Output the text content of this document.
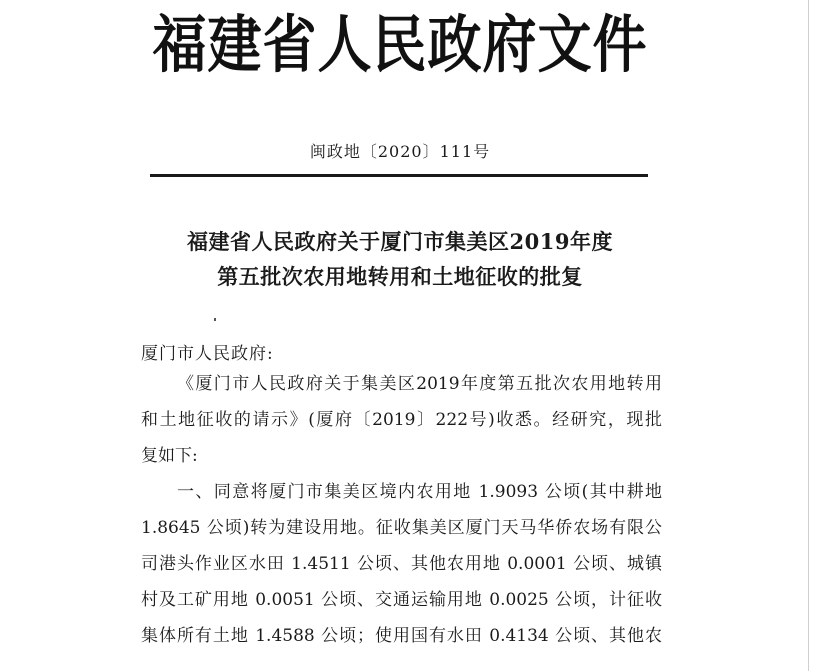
福建省人民政府文件
闽政地〔2020〕111号
福建省人民政府关于厦门市集美区2019年度
第五批次农用地转用和土地征收的批复
厦门市人民政府:
《厦门市人民政府关于集美区2019年度第五批次农用地转用
和土地征收的请示》(厦府〔2019〕222号)收悉。经研究，现批
复如下:
一、同意将厦门市集美区境内农用地 1.9093 公顷(其中耕地
1.8645 公顷)转为建设用地。征收集美区厦门天马华侨农场有限公
司港头作业区水田 1.4511 公顷、其他农用地 0.0001 公顷、城镇
村及工矿用地 0.0051 公顷、交通运输用地 0.0025 公顷，计征收
集体所有土地 1.4588 公顷；使用国有水田 0.4134 公顷、其他农
